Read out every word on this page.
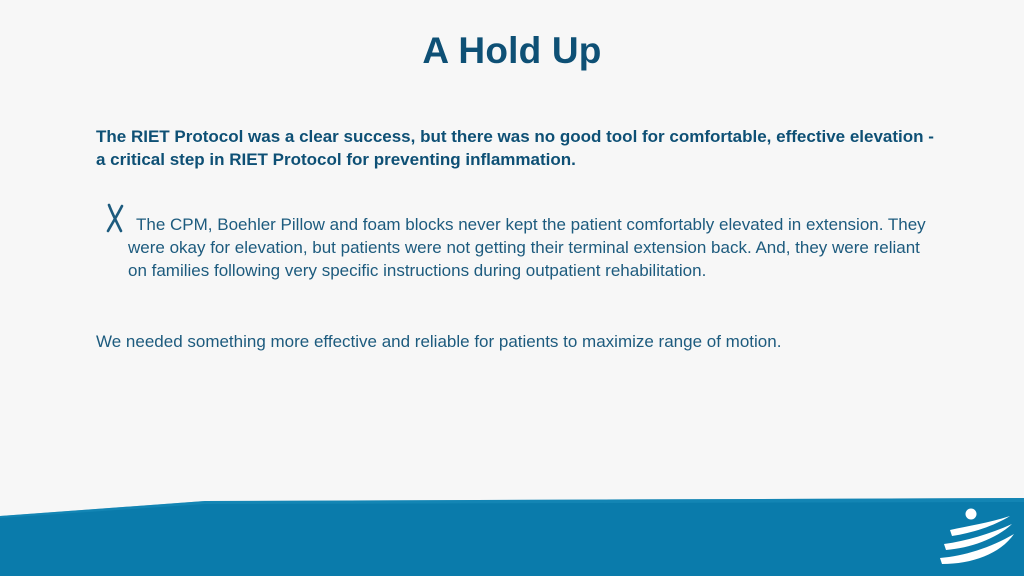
A Hold Up

The RIET Protocol was a clear success, but there was no good tool for comfortable, effective elevation - a critical step in RIET Protocol for preventing inflammation.

The CPM, Boehler Pillow and foam blocks never kept the patient comfortably elevated in extension. They were okay for elevation, but patients were not getting their terminal extension back. And, they were reliant on families following very specific instructions during outpatient rehabilitation.

We needed something more effective and reliable for patients to maximize range of motion.
